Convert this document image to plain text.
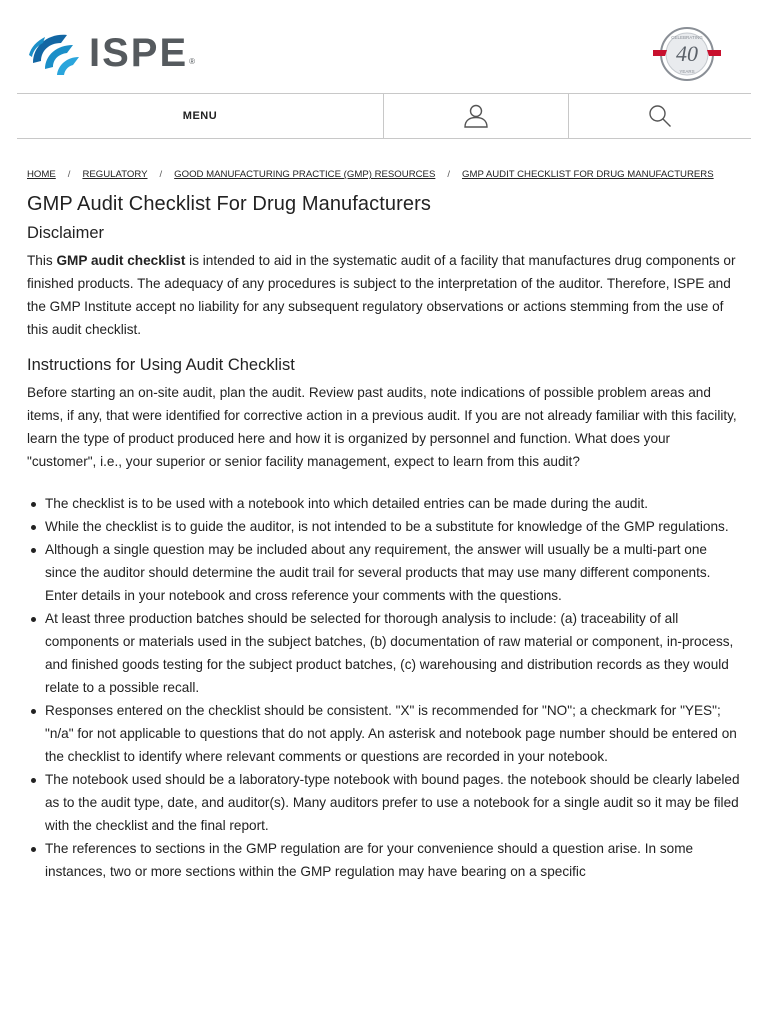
ISPE ®	40
CELEBRATING
YEARS
MENU
HOME / REGULATORY / GOOD MANUFACTURING PRACTICE (GMP) RESOURCES / GMP AUDIT CHECKLIST FOR DRUG MANUFACTURERS
GMP Audit Checklist For Drug Manufacturers
Disclaimer

This GMP audit checklist is intended to aid in the systematic audit of a facility that manufactures drug components or finished products. The adequacy of any procedures is subject to the interpretation of the auditor. Therefore, ISPE and the GMP Institute accept no liability for any subsequent regulatory observations or actions stemming from the use of this audit checklist.

Instructions for Using Audit Checklist

Before starting an on-site audit, plan the audit. Review past audits, note indications of possible problem areas and items, if any, that were identified for corrective action in a previous audit. If you are not already familiar with this facility, learn the type of product produced here and how it is organized by personnel and function. What does your "customer", i.e., your superior or senior facility management, expect to learn from this audit?

The checklist is to be used with a notebook into which detailed entries can be made during the audit.
While the checklist is to guide the auditor, is not intended to be a substitute for knowledge of the GMP regulations.
Although a single question may be included about any requirement, the answer will usually be a multi-part one since the auditor should determine the audit trail for several products that may use many different components. Enter details in your notebook and cross reference your comments with the questions.
At least three production batches should be selected for thorough analysis to include: (a) traceability of all components or materials used in the subject batches, (b) documentation of raw material or component, in-process, and finished goods testing for the subject product batches, (c) warehousing and distribution records as they would relate to a possible recall.
Responses entered on the checklist should be consistent. "X" is recommended for "NO"; a checkmark for "YES"; "n/a" for not applicable to questions that do not apply. An asterisk and notebook page number should be entered on the checklist to identify where relevant comments or questions are recorded in your notebook.
The notebook used should be a laboratory-type notebook with bound pages. the notebook should be clearly labeled as to the audit type, date, and auditor(s). Many auditors prefer to use a notebook for a single audit so it may be filed with the checklist and the final report.
The references to sections in the GMP regulation are for your convenience should a question arise. In some instances, two or more sections within the GMP regulation may have bearing on a specific
